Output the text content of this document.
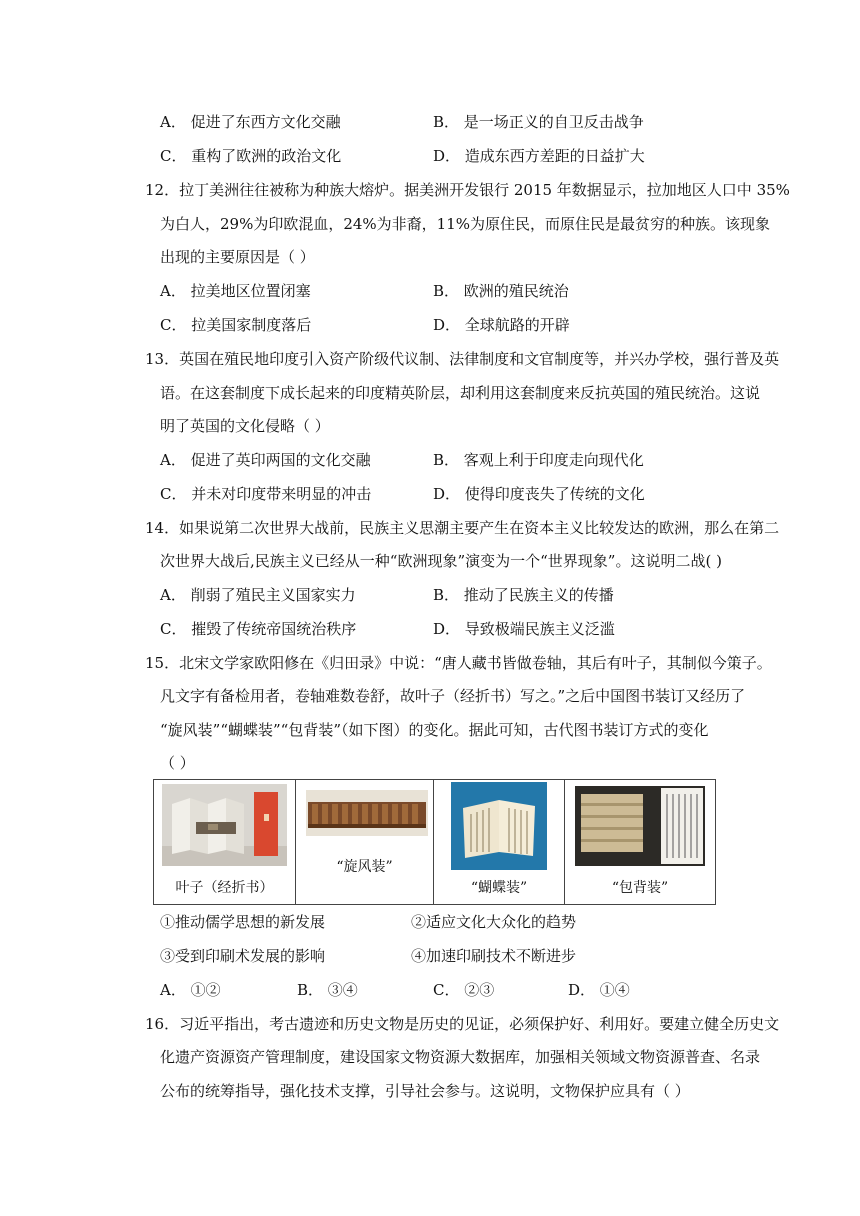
A． 促进了东西方文化交融	B． 是一场正义的自卫反击战争
C． 重构了欧洲的政治文化	D． 造成东西方差距的日益扩大
12．拉丁美洲往往被称为种族大熔炉。据美洲开发银行 2015 年数据显示，拉加地区人口中 35%
为白人，29%为印欧混血，24%为非裔，11%为原住民，而原住民是最贫穷的种族。该现象
出现的主要原因是（ ）
A． 拉美地区位置闭塞	B． 欧洲的殖民统治
C． 拉美国家制度落后	D． 全球航路的开辟
13．英国在殖民地印度引入资产阶级代议制、法律制度和文官制度等，并兴办学校，强行普及英
语。在这套制度下成长起来的印度精英阶层，却利用这套制度来反抗英国的殖民统治。这说
明了英国的文化侵略（ ）
A． 促进了英印两国的文化交融	B． 客观上利于印度走向现代化
C． 并未对印度带来明显的冲击	D． 使得印度丧失了传统的文化
14．如果说第二次世界大战前，民族主义思潮主要产生在资本主义比较发达的欧洲，那么在第二
次世界大战后,民族主义已经从一种“欧洲现象”演变为一个“世界现象”。这说明二战( )
A． 削弱了殖民主义国家实力	B． 推动了民族主义的传播
C． 摧毁了传统帝国统治秩序	D． 导致极端民族主义泛滥
15．北宋文学家欧阳修在《归田录》中说：“唐人藏书皆做卷轴，其后有叶子，其制似今策子。
凡文字有备检用者，卷轴难数卷舒，故叶子（经折书）写之。”之后中国图书装订又经历了
“旋风装”“蝴蝶装”“包背装”（如下图）的变化。据此可知，古代图书装订方式的变化
（ ）
叶子（经折书）

“旋风装”

“蝴蝶装”	“包背装”
①推动儒学思想的新发展	②适应文化大众化的趋势
③受到印刷术发展的影响	④加速印刷技术不断进步
A． ①②	B． ③④	C． ②③	D． ①④
16．习近平指出，考古遗迹和历史文物是历史的见证，必须保护好、利用好。要建立健全历史文
化遗产资源资产管理制度，建设国家文物资源大数据库，加强相关领域文物资源普查、名录
公布的统筹指导，强化技术支撑，引导社会参与。这说明，文物保护应具有（ ）
